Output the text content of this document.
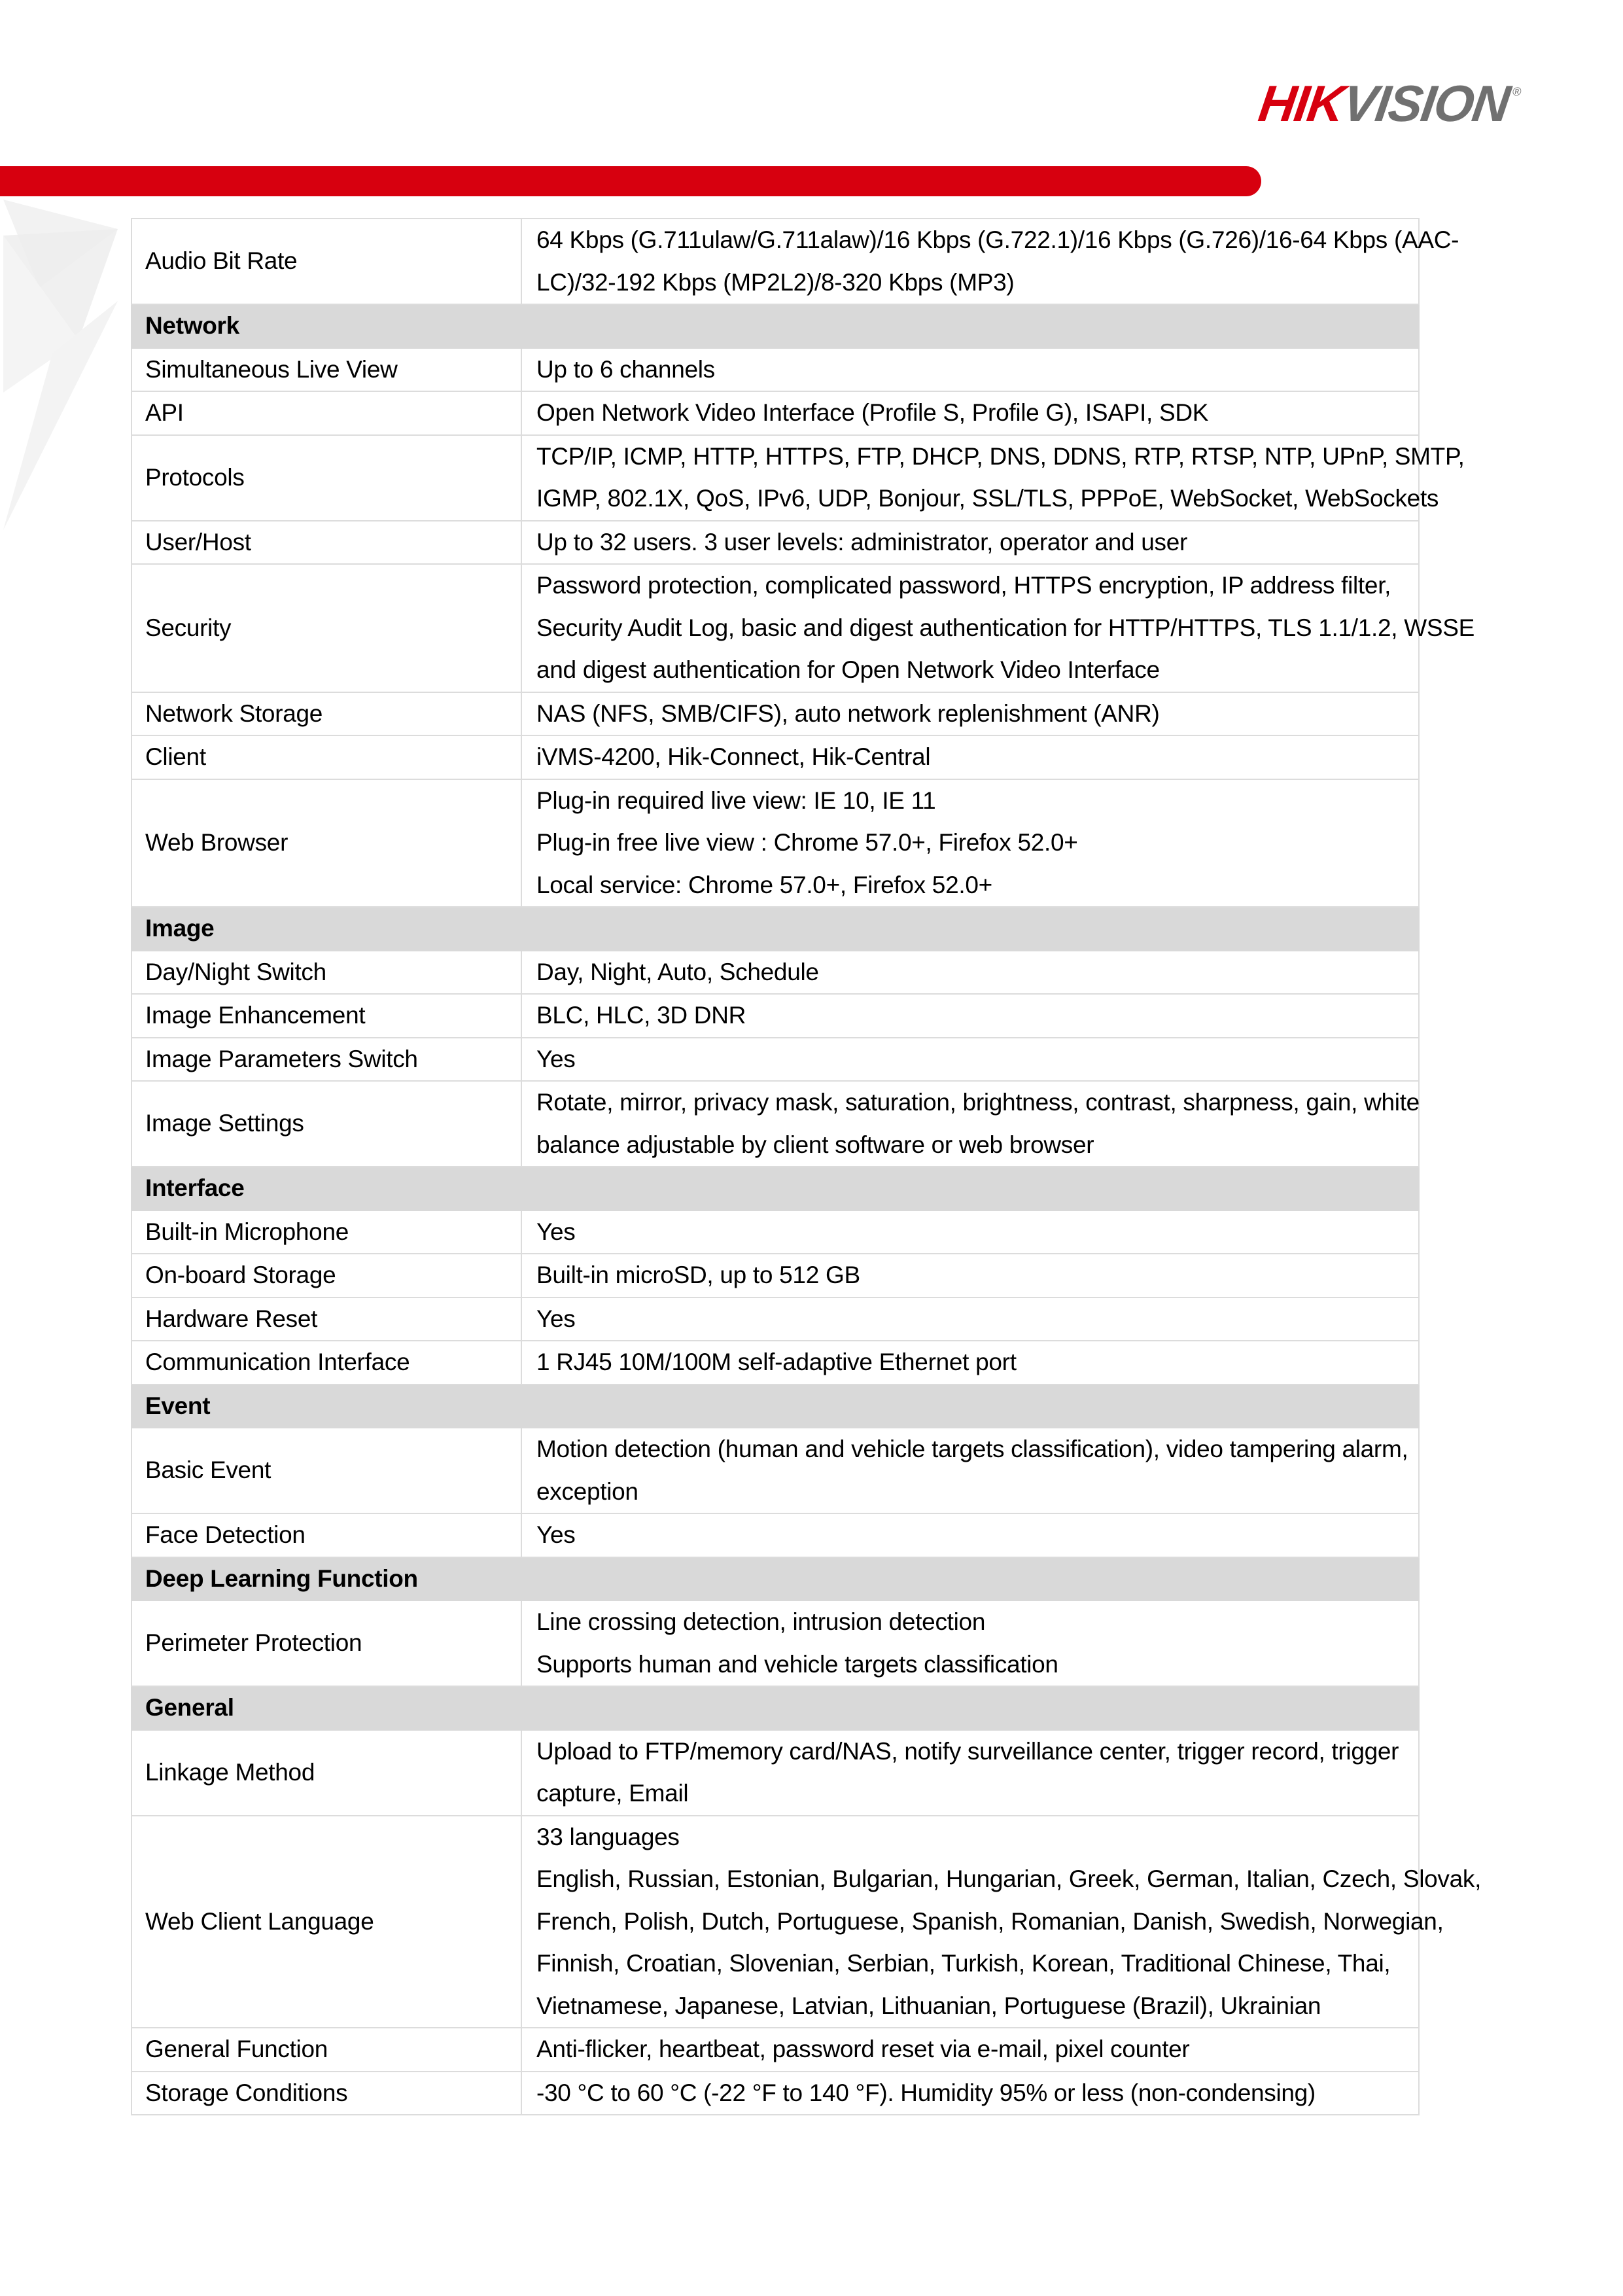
HIK
VISION
®
Audio Bit Rate	64 Kbps (G.711ulaw/G.711alaw)/16 Kbps (G.722.1)/16 Kbps (G.726)/16-64 Kbps (AAC-
LC)/32-192 Kbps (MP2L2)/8-320 Kbps (MP3)

Network	
Simultaneous Live View	Up to 6 channels

API	Open Network Video Interface (Profile S, Profile G), ISAPI, SDK

Protocols	TCP/IP, ICMP, HTTP, HTTPS, FTP, DHCP, DNS, DDNS, RTP, RTSP, NTP, UPnP, SMTP,
IGMP, 802.1X, QoS, IPv6, UDP, Bonjour, SSL/TLS, PPPoE, WebSocket, WebSockets

User/Host	Up to 32 users. 3 user levels: administrator, operator and user

Security	Password protection, complicated password, HTTPS encryption, IP address filter,
Security Audit Log, basic and digest authentication for HTTP/HTTPS, TLS 1.1/1.2, WSSE
and digest authentication for Open Network Video Interface

Network Storage	NAS (NFS, SMB/CIFS), auto network replenishment (ANR)

Client	iVMS-4200, Hik-Connect, Hik-Central

Web Browser	Plug-in required live view: IE 10, IE 11
Plug-in free live view : Chrome 57.0+, Firefox 52.0+
Local service: Chrome 57.0+, Firefox 52.0+

Image	
Day/Night Switch	Day, Night, Auto, Schedule

Image Enhancement	BLC, HLC, 3D DNR

Image Parameters Switch	Yes

Image Settings	Rotate, mirror, privacy mask, saturation, brightness, contrast, sharpness, gain, white
balance adjustable by client software or web browser

Interface	
Built-in Microphone	Yes

On-board Storage	Built-in microSD, up to 512 GB

Hardware Reset	Yes

Communication Interface	1 RJ45 10M/100M self-adaptive Ethernet port

Event	
Basic Event	Motion detection (human and vehicle targets classification), video tampering alarm,
exception

Face Detection	Yes

Deep Learning Function	
Perimeter Protection	Line crossing detection, intrusion detection
Supports human and vehicle targets classification

General	
Linkage Method	Upload to FTP/memory card/NAS, notify surveillance center, trigger record, trigger
capture, Email

Web Client Language	33 languages
English, Russian, Estonian, Bulgarian, Hungarian, Greek, German, Italian, Czech, Slovak,
French, Polish, Dutch, Portuguese, Spanish, Romanian, Danish, Swedish, Norwegian,
Finnish, Croatian, Slovenian, Serbian, Turkish, Korean, Traditional Chinese, Thai,
Vietnamese, Japanese, Latvian, Lithuanian, Portuguese (Brazil), Ukrainian

General Function	Anti-flicker, heartbeat, password reset via e-mail, pixel counter

Storage Conditions	-30 °C to 60 °C (-22 °F to 140 °F). Humidity 95% or less (non-condensing)
